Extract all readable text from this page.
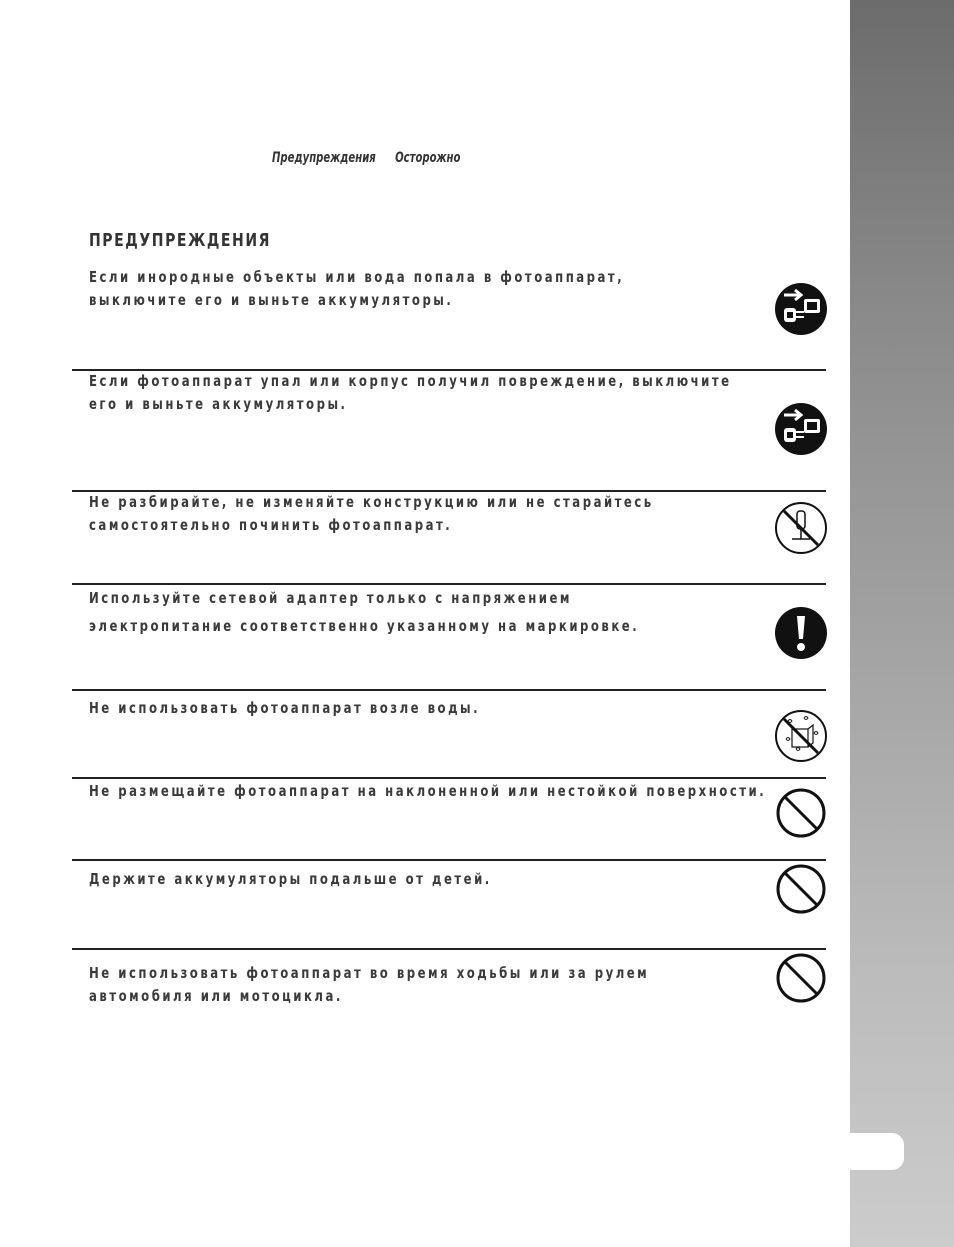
Предупреждения Осторожно
ПРЕДУПРЕЖДЕНИЯ
Если инородные объекты или вода попала в фотоаппарат,
выключите его и выньте аккумуляторы.
Если фотоаппарат упал или корпус получил повреждение, выключите
его и выньте аккумуляторы.
Не разбирайте, не изменяйте конструкцию или не старайтесь
самостоятельно починить фотоаппарат.
Используйте сетевой адаптер только с напряжением
электропитание соответственно указанному на маркировке.
Не использовать фотоаппарат возле воды.
Не размещайте фотоаппарат на наклоненной или нестойкой поверхности.
Держите аккумуляторы подальше от детей.
Не использовать фотоаппарат во время ходьбы или за рулем
автомобиля или мотоцикла.
